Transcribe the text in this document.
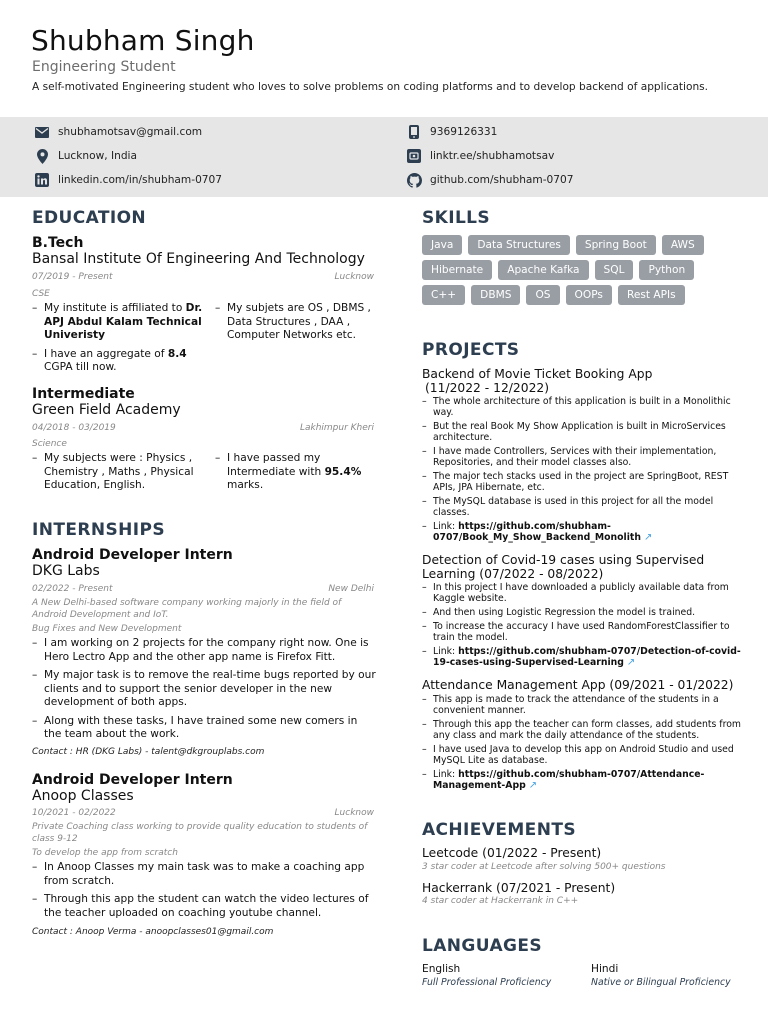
Shubham Singh
Engineering Student
A self-motivated Engineering student who loves to solve problems on coding platforms and to develop backend of applications.
shubhamotsav@gmail.com	9369126331
Lucknow, India	linktr.ee/shubhamotsav
linkedin.com/in/shubham-0707	github.com/shubham-0707
EDUCATION
B.Tech
Bansal Institute Of Engineering And Technology
07/2019 - Present	Lucknow
CSE
– My institute is affiliated to Dr. APJ Abdul Kalam Technical Univeristy
– I have an aggregate of 8.4 CGPA till now.
– My subjets are OS , DBMS , Data Structures , DAA , Computer Networks etc.
Intermediate
Green Field Academy
04/2018 - 03/2019	Lakhimpur Kheri
Science
– My subjects were : Physics , Chemistry , Maths , Physical Education, English.
– I have passed my Intermediate with 95.4% marks.
INTERNSHIPS
Android Developer Intern
DKG Labs
02/2022 - Present	New Delhi
A New Delhi-based software company working majorly in the field of Android Development and IoT.
Bug Fixes and New Development
– I am working on 2 projects for the company right now. One is Hero Lectro App and the other app name is Firefox Fitt.
– My major task is to remove the real-time bugs reported by our clients and to support the senior developer in the new development of both apps.
– Along with these tasks, I have trained some new comers in the team about the work.
Contact : HR (DKG Labs) - talent@dkgrouplabs.com
Android Developer Intern
Anoop Classes
10/2021 - 02/2022	Lucknow
Private Coaching class working to provide quality education to students of class 9-12
To develop the app from scratch
– In Anoop Classes my main task was to make a coaching app from scratch.
– Through this app the student can watch the video lectures of the teacher uploaded on coaching youtube channel.
Contact : Anoop Verma - anoopclasses01@gmail.com
SKILLS
Java	Data Structures	Spring Boot	AWS
Hibernate	Apache Kafka	SQL	Python
C++	DBMS	OS	OOPs	Rest APIs
PROJECTS
Backend of Movie Ticket Booking App
(11/2022 - 12/2022)
– The whole architecture of this application is built in a Monolithic way.
– But the real Book My Show Application is built in MicroServices architecture.
– I have made Controllers, Services with their implementation, Repositories, and their model classes also.
– The major tech stacks used in the project are SpringBoot, REST APIs, JPA Hibernate, etc.
– The MySQL database is used in this project for all the model classes.
– Link: https://github.com/shubham-0707/Book_My_Show_Backend_Monolith ↗
Detection of Covid-19 cases using Supervised Learning (07/2022 - 08/2022)
– In this project I have downloaded a publicly available data from Kaggle website.
– And then using Logistic Regression the model is trained.
– To increase the accuracy I have used RandomForestClassifier to train the model.
– Link: https://github.com/shubham-0707/Detection-of-covid-19-cases-using-Supervised-Learning ↗
Attendance Management App (09/2021 - 01/2022)
– This app is made to track the attendance of the students in a convenient manner.
– Through this app the teacher can form classes, add students from any class and mark the daily attendance of the students.
– I have used Java to develop this app on Android Studio and used MySQL Lite as database.
– Link: https://github.com/shubham-0707/Attendance-Management-App ↗
ACHIEVEMENTS
Leetcode (01/2022 - Present)
3 star coder at Leetcode after solving 500+ questions
Hackerrank (07/2021 - Present)
4 star coder at Hackerrank in C++
LANGUAGES
English
Full Professional Proficiency
Hindi
Native or Bilingual Proficiency
